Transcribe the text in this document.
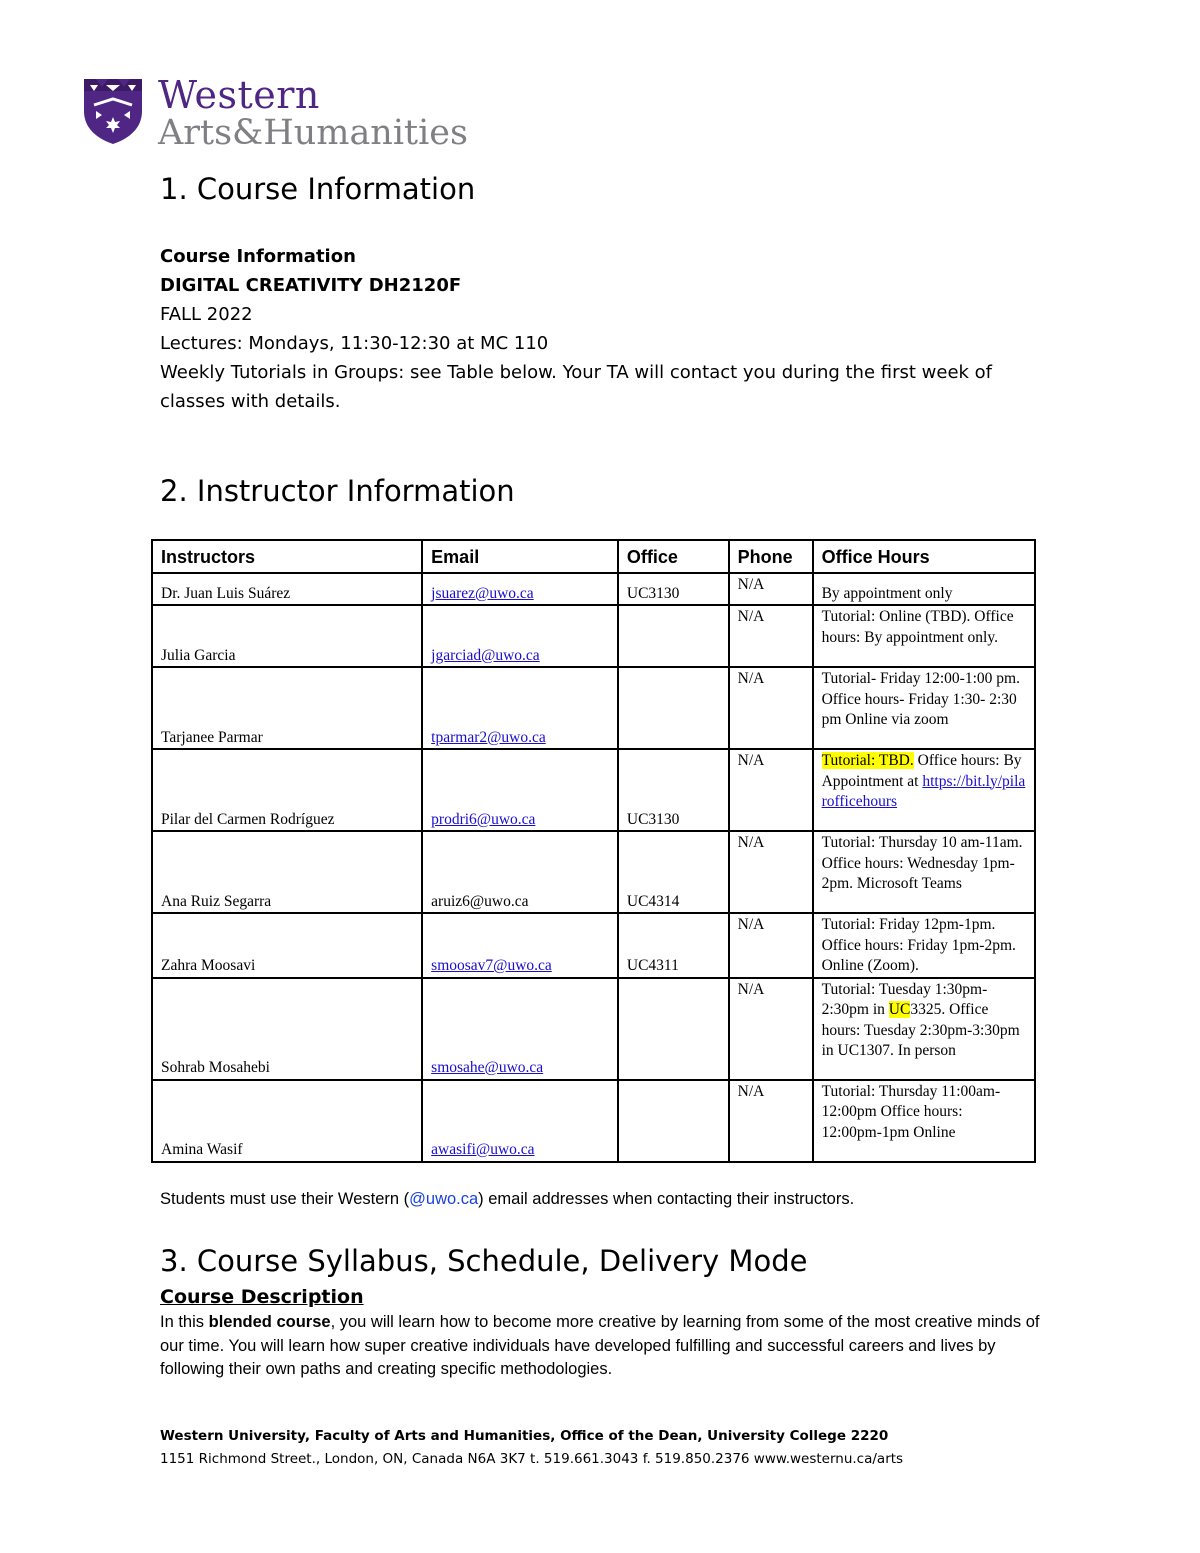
Western
Arts&Humanities
1. Course Information
Course Information
DIGITAL CREATIVITY DH2120F
FALL 2022
Lectures: Mondays, 11:30-12:30 at MC 110
Weekly Tutorials in Groups: see Table below. Your TA will contact you during the first week of classes with details.
2. Instructor Information
Instructors	Email	Office	Phone	Office Hours
Dr. Juan Luis Suárez	jsuarez@uwo.ca	UC3130	N/A	By appointment only
Julia Garcia	jgarciad@uwo.ca		N/A	Tutorial: Online (TBD). Office hours: By appointment only.
Tarjanee Parmar	tparmar2@uwo.ca		N/A	Tutorial- Friday 12:00-1:00 pm. Office hours- Friday 1:30- 2:30 pm Online via zoom
Pilar del Carmen Rodríguez	prodri6@uwo.ca	UC3130	N/A	Tutorial: TBD. Office hours: By Appointment at https://bit.ly/pilarofficehours
Ana Ruiz Segarra	aruiz6@uwo.ca	UC4314	N/A	Tutorial: Thursday 10 am-11am. Office hours: Wednesday 1pm-2pm. Microsoft Teams
Zahra Moosavi	smoosav7@uwo.ca	UC4311	N/A	Tutorial: Friday 12pm-1pm. Office hours: Friday 1pm-2pm. Online (Zoom).
Sohrab Mosahebi	smosahe@uwo.ca		N/A	Tutorial: Tuesday 1:30pm-2:30pm in UC3325. Office hours: Tuesday 2:30pm-3:30pm in UC1307. In person
Amina Wasif	awasifi@uwo.ca		N/A	Tutorial: Thursday 11:00am-12:00pm Office hours: 12:00pm-1pm Online
Students must use their Western (@uwo.ca) email addresses when contacting their instructors.
3. Course Syllabus, Schedule, Delivery Mode
Course Description
In this blended course, you will learn how to become more creative by learning from some of the most creative minds of our time. You will learn how super creative individuals have developed fulfilling and successful careers and lives by following their own paths and creating specific methodologies.
Western University, Faculty of Arts and Humanities, Office of the Dean, University College 2220
1151 Richmond Street., London, ON, Canada N6A 3K7 t. 519.661.3043 f. 519.850.2376 www.westernu.ca/arts
